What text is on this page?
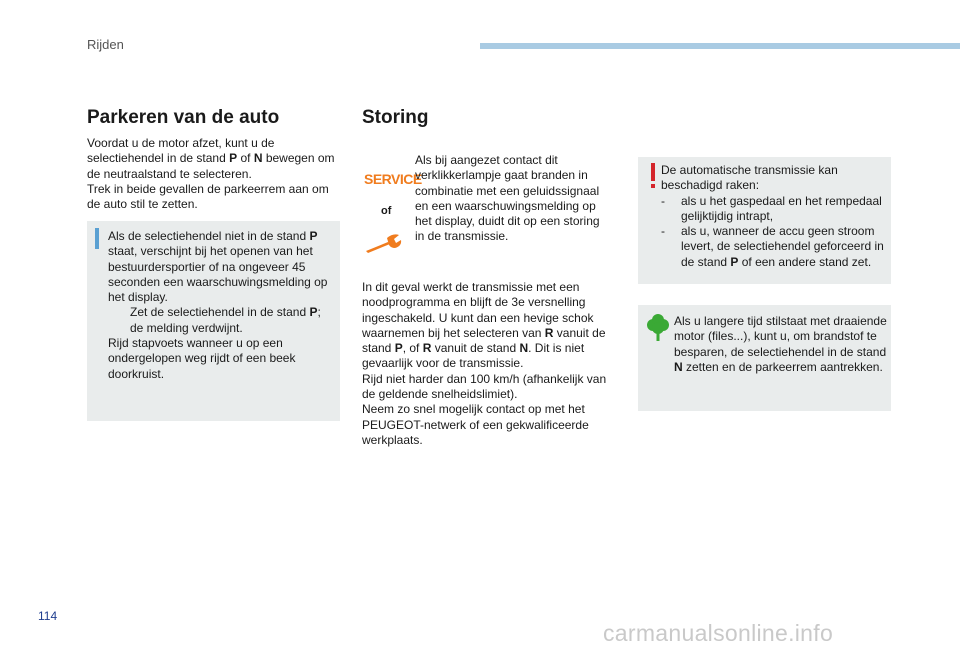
Rijden
Parkeren van de auto

Voordat u de motor afzet, kunt u de selectiehendel in de stand P of N bewegen om de neutraalstand te selecteren.
Trek in beide gevallen de parkeerrem aan om de auto stil te zetten.

Als de selectiehendel niet in de stand P staat, verschijnt bij het openen van het bestuurdersportier of na ongeveer 45 seconden een waarschuwingsmelding op het display.
Zet de selectiehendel in de stand P; de melding verdwijnt.
Rijd stapvoets wanneer u op een ondergelopen weg rijdt of een beek doorkruist.
Storing
SERVICE
of

Als bij aangezet contact dit verklikkerlampje gaat branden in combinatie met een geluidssignaal en een waarschuwingsmelding op het display, duidt dit op een storing in de transmissie.

In dit geval werkt de transmissie met een noodprogramma en blijft de 3e versnelling ingeschakeld. U kunt dan een hevige schok waarnemen bij het selecteren van R vanuit de stand P, of R vanuit de stand N. Dit is niet gevaarlijk voor de transmissie.
Rijd niet harder dan 100 km/h (afhankelijk van de geldende snelheidslimiet).
Neem zo snel mogelijk contact op met het PEUGEOT-netwerk of een gekwalificeerde werkplaats.

De automatische transmissie kan beschadigd raken:
-	als u het gaspedaal en het rempedaal gelijktijdig intrapt,
-	als u, wanneer de accu geen stroom levert, de selectiehendel geforceerd in de stand P of een andere stand zet.

Als u langere tijd stilstaat met draaiende motor (files...), kunt u, om brandstof te besparen, de selectiehendel in de stand N zetten en de parkeerrem aantrekken.

114
carmanualsonline.info
